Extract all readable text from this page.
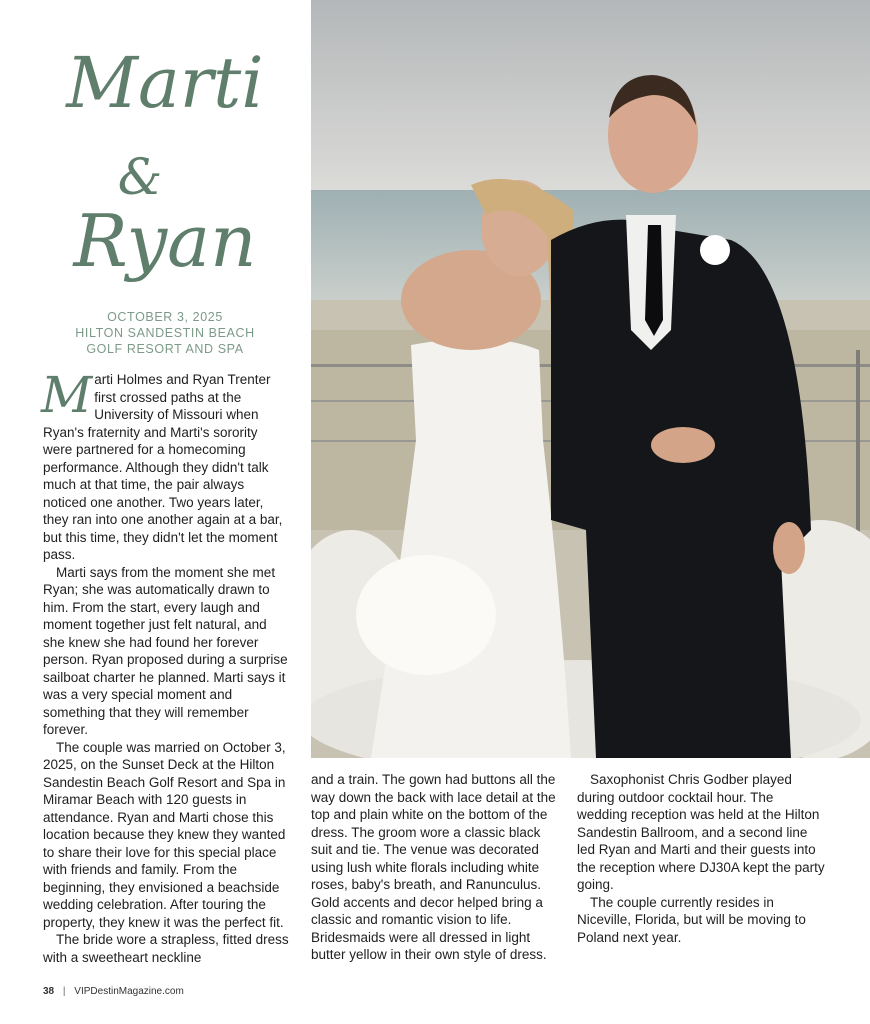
Marti
&
Ryan
OCTOBER 3, 2025
HILTON SANDESTIN BEACH
GOLF RESORT AND SPA

Marti Holmes and Ryan Trenter first crossed paths at the University of Missouri when Ryan's fraternity and Marti's sorority were partnered for a homecoming performance. Although they didn't talk much at that time, the pair always noticed one another. Two years later, they ran into one another again at a bar, but this time, they didn't let the moment pass.

Marti says from the moment she met Ryan; she was automatically drawn to him. From the start, every laugh and moment together just felt natural, and she knew she had found her forever person. Ryan proposed during a surprise sailboat charter he planned. Marti says it was a very special moment and something that they will remember forever.

The couple was married on October 3, 2025, on the Sunset Deck at the Hilton Sandestin Beach Golf Resort and Spa in Miramar Beach with 120 guests in attendance. Ryan and Marti chose this location because they knew they wanted to share their love for this special place with friends and family. From the beginning, they envisioned a beachside wedding celebration. After touring the property, they knew it was the perfect fit.

The bride wore a strapless, fitted dress with a sweetheart neckline

and a train. The gown had buttons all the way down the back with lace detail at the top and plain white on the bottom of the dress. The groom wore a classic black suit and tie. The venue was decorated using lush white florals including white roses, baby's breath, and Ranunculus. Gold accents and decor helped bring a classic and romantic vision to life. Bridesmaids were all dressed in light butter yellow in their own style of dress.

Saxophonist Chris Godber played during outdoor cocktail hour. The wedding reception was held at the Hilton Sandestin Ballroom, and a second line led Ryan and Marti and their guests into the reception where DJ30A kept the party going.

The couple currently resides in Niceville, Florida, but will be moving to Poland next year.

38 | VIPDestinMagazine.com
